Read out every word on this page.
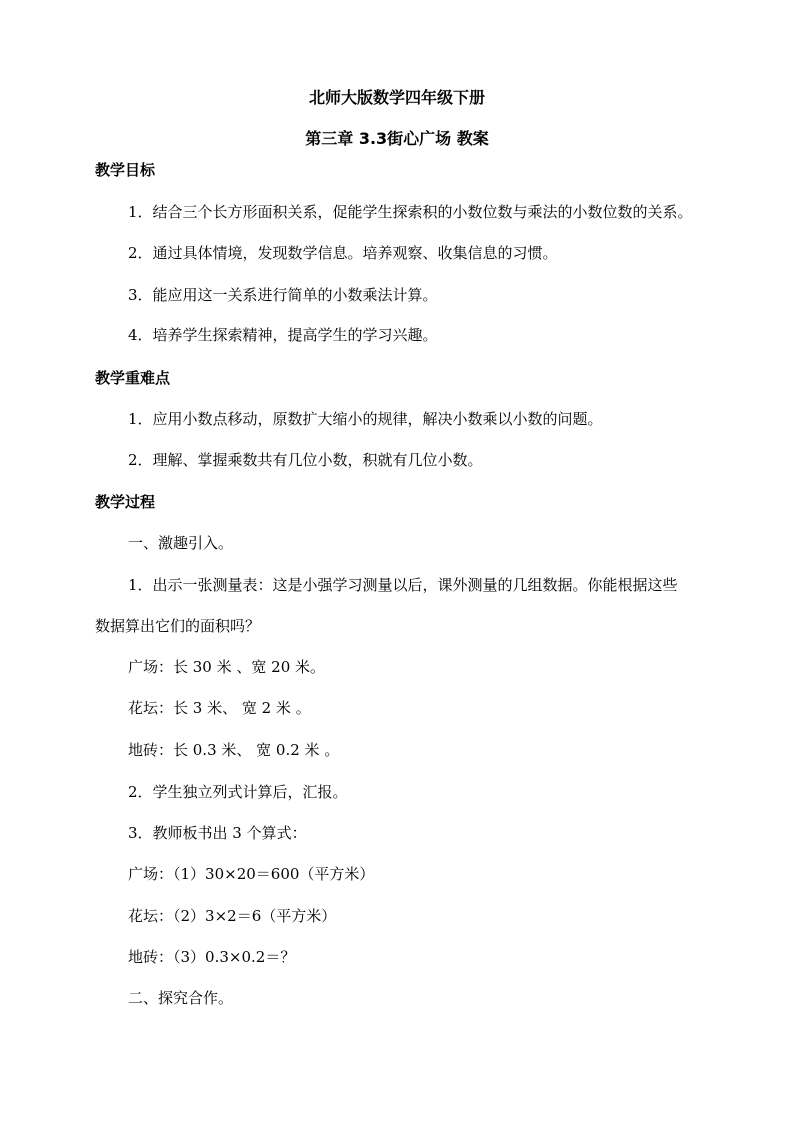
北师大版数学四年级下册
第三章 3.3街心广场 教案
教学目标
1．结合三个长方形面积关系，促能学生探索积的小数位数与乘法的小数位数的关系。
2．通过具体情境，发现数学信息。培养观察、收集信息的习惯。
3．能应用这一关系进行简单的小数乘法计算。
4．培养学生探索精神，提高学生的学习兴趣。
教学重难点
1．应用小数点移动，原数扩大缩小的规律，解决小数乘以小数的问题。
2．理解、掌握乘数共有几位小数，积就有几位小数。
教学过程
一、激趣引入。
1．出示一张测量表：这是小强学习测量以后，课外测量的几组数据。你能根据这些
数据算出它们的面积吗？
广场：长 30 米 、宽 20 米。
花坛：长 3 米、 宽 2 米 。
地砖：长 0.3 米、 宽 0.2 米 。
2．学生独立列式计算后，汇报。
3．教师板书出 3 个算式：
广场：（1）30×20＝600（平方米）
花坛：（2）3×2＝6（平方米）
地砖：（3）0.3×0.2＝？
二、探究合作。
